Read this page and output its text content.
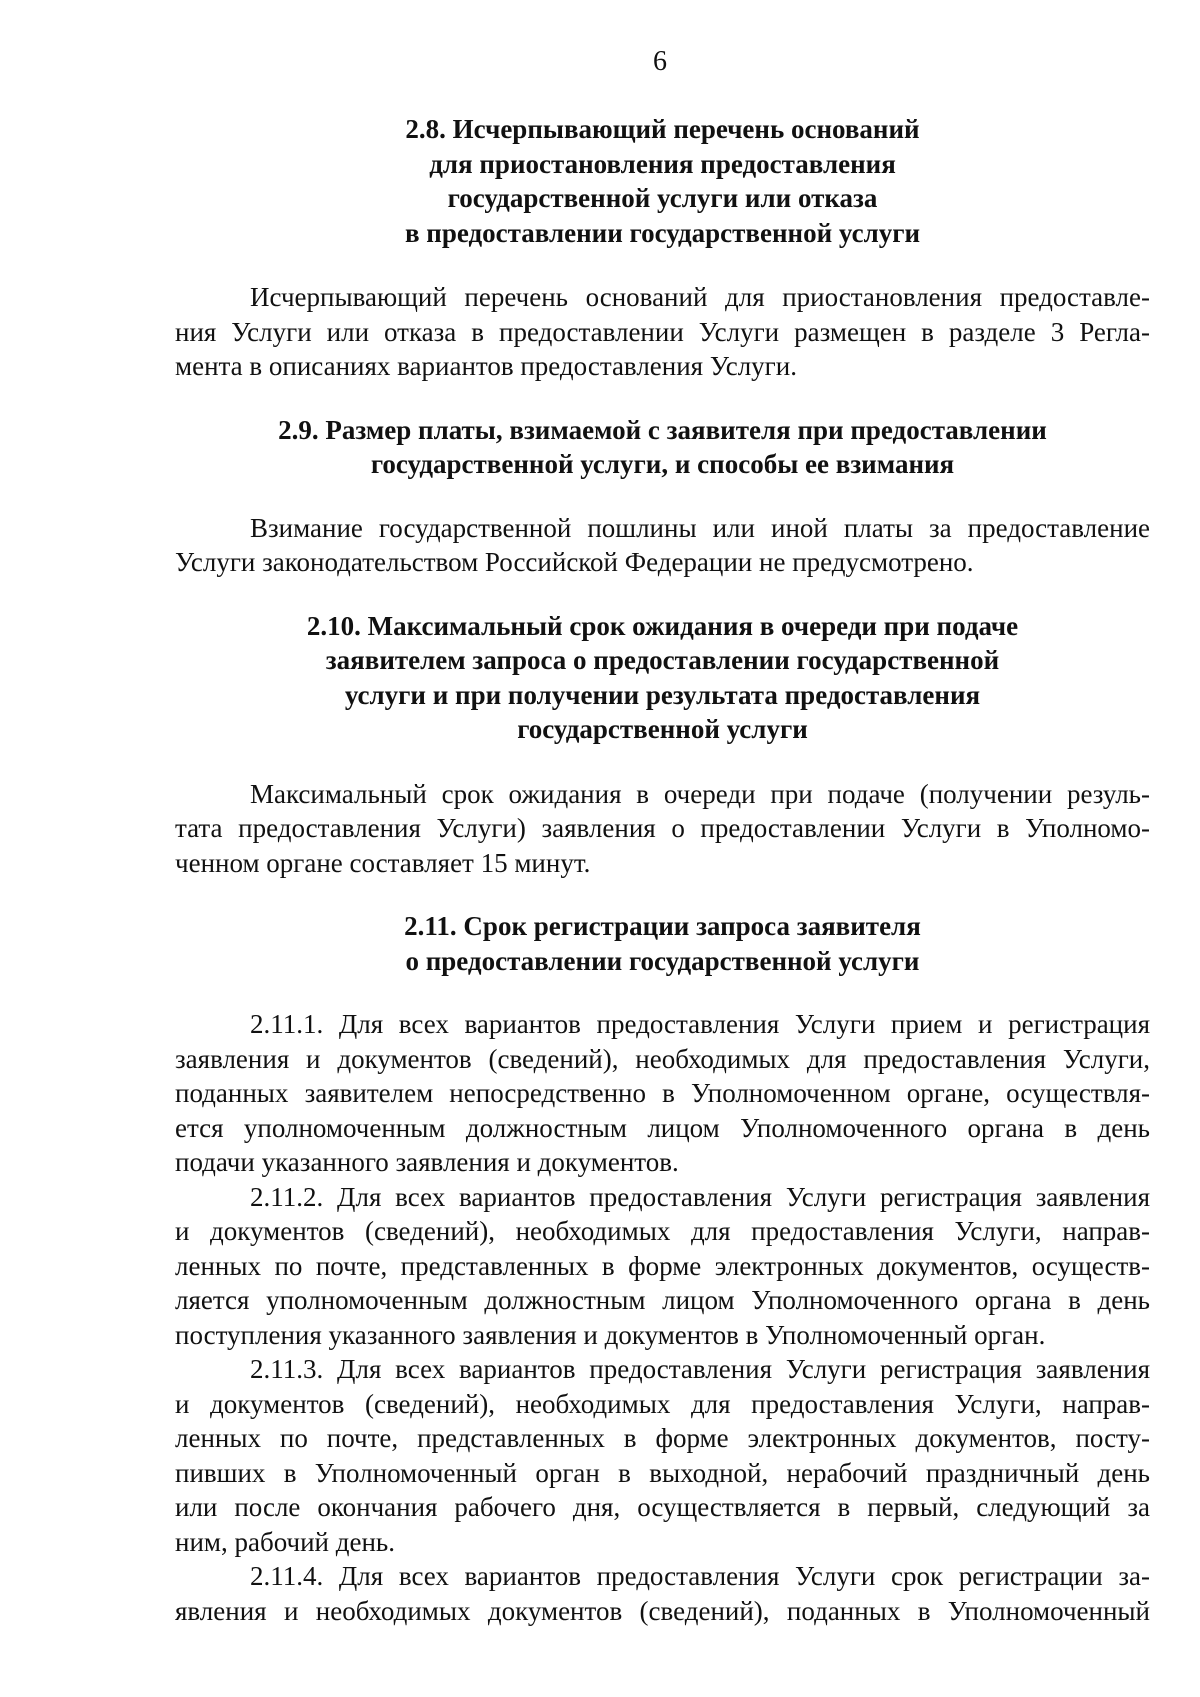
6
2.8. Исчерпывающий перечень оснований
для приостановления предоставления
государственной услуги или отказа
в предоставлении государственной услуги
Исчерпывающий перечень оснований для приостановления предоставле-
ния Услуги или отказа в предоставлении Услуги размещен в разделе 3 Регла-
мента в описаниях вариантов предоставления Услуги.
2.9. Размер платы, взимаемой с заявителя при предоставлении
государственной услуги, и способы ее взимания
Взимание государственной пошлины или иной платы за предоставление
Услуги законодательством Российской Федерации не предусмотрено.
2.10. Максимальный срок ожидания в очереди при подаче
заявителем запроса о предоставлении государственной
услуги и при получении результата предоставления
государственной услуги
Максимальный срок ожидания в очереди при подаче (получении резуль-
тата предоставления Услуги) заявления о предоставлении Услуги в Уполномо-
ченном органе составляет 15 минут.
2.11. Срок регистрации запроса заявителя
о предоставлении государственной услуги
2.11.1. Для всех вариантов предоставления Услуги прием и регистрация
заявления и документов (сведений), необходимых для предоставления Услуги,
поданных заявителем непосредственно в Уполномоченном органе, осуществля-
ется уполномоченным должностным лицом Уполномоченного органа в день
подачи указанного заявления и документов.
2.11.2. Для всех вариантов предоставления Услуги регистрация заявления
и документов (сведений), необходимых для предоставления Услуги, направ-
ленных по почте, представленных в форме электронных документов, осуществ-
ляется уполномоченным должностным лицом Уполномоченного органа в день
поступления указанного заявления и документов в Уполномоченный орган.
2.11.3. Для всех вариантов предоставления Услуги регистрация заявления
и документов (сведений), необходимых для предоставления Услуги, направ-
ленных по почте, представленных в форме электронных документов, посту-
пивших в Уполномоченный орган в выходной, нерабочий праздничный день
или после окончания рабочего дня, осуществляется в первый, следующий за
ним, рабочий день.
2.11.4. Для всех вариантов предоставления Услуги срок регистрации за-
явления и необходимых документов (сведений), поданных в Уполномоченный
